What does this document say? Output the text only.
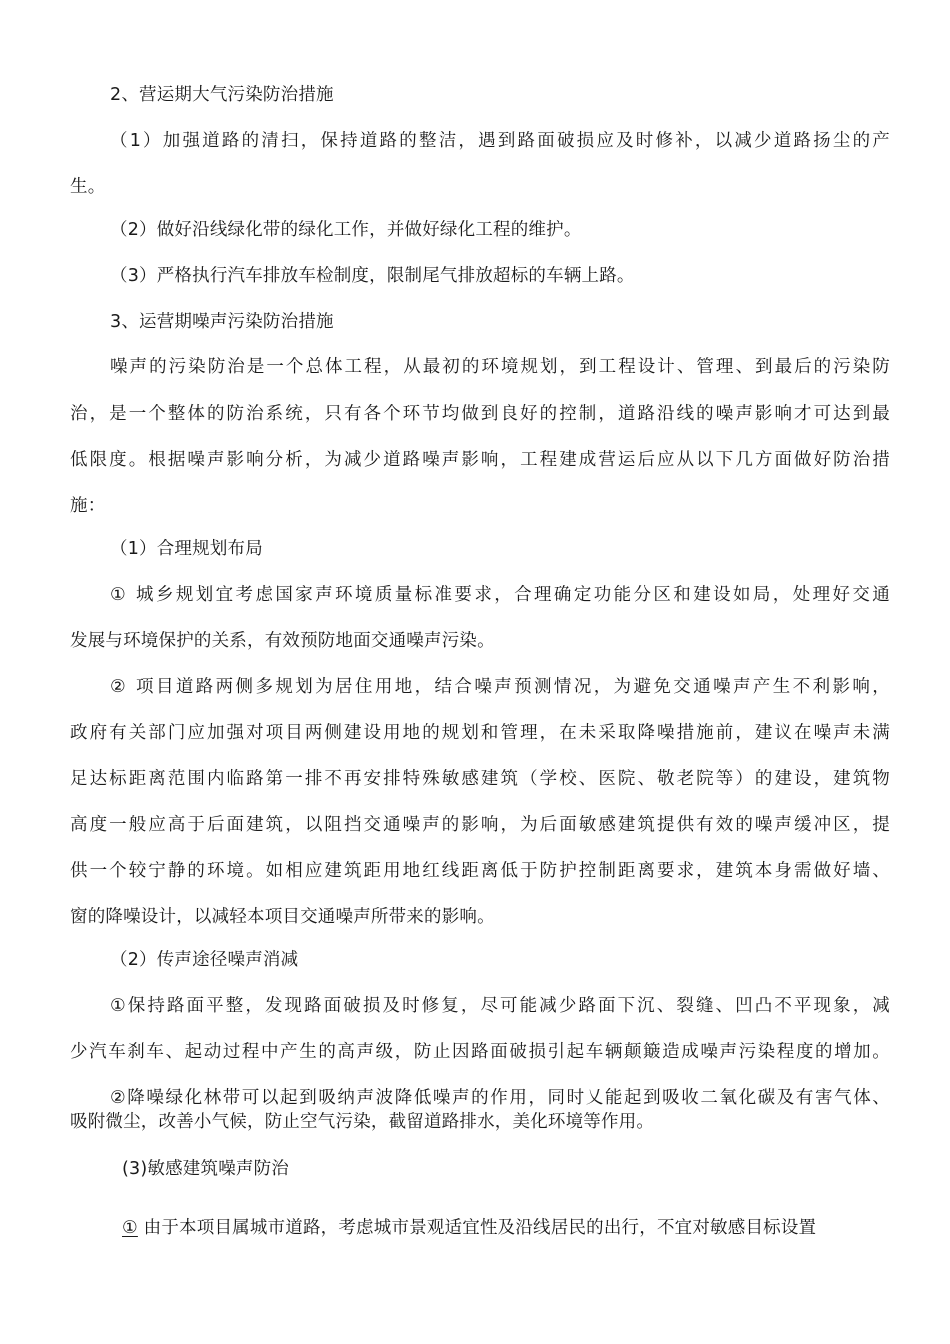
2、营运期大气污染防治措施
（1）加强道路的清扫，保持道路的整洁，遇到路面破损应及时修补，以减少道路扬尘的产
生。
（2）做好沿线绿化带的绿化工作，并做好绿化工程的维护。
（3）严格执行汽车排放车检制度，限制尾气排放超标的车辆上路。
3、运营期噪声污染防治措施
噪声的污染防治是一个总体工程，从最初的环境规划，到工程设计、管理、到最后的污染防
治，是一个整体的防治系统，只有各个环节均做到良好的控制，道路沿线的噪声影响才可达到最
低限度。根据噪声影响分析，为减少道路噪声影响，工程建成营运后应从以下几方面做好防治措
施：
（1）合理规划布局
① 城乡规划宜考虑国家声环境质量标准要求，合理确定功能分区和建设如局，处理好交通
发展与环境保护的关系，有效预防地面交通噪声污染。
② 项目道路两侧多规划为居住用地，结合噪声预测情况，为避免交通噪声产生不利影响，
政府有关部门应加强对项目两侧建设用地的规划和管理，在未采取降噪措施前，建议在噪声未满
足达标距离范围内临路第一排不再安排特殊敏感建筑（学校、医院、敬老院等）的建设，建筑物
高度一般应高于后面建筑，以阻挡交通噪声的影响，为后面敏感建筑提供有效的噪声缓冲区，提
供一个较宁静的环境。如相应建筑距用地红线距离低于防护控制距离要求，建筑本身需做好墙、
窗的降噪设计，以减轻本项目交通噪声所带来的影响。
（2）传声途径噪声消减
①保持路面平整，发现路面破损及时修复，尽可能减少路面下沉、裂缝、凹凸不平现象，减
少汽车刹车、起动过程中产生的高声级，防止因路面破损引起车辆颠簸造成噪声污染程度的增加。
②降噪绿化林带可以起到吸纳声波降低噪声的作用，同时乂能起到吸收二氧化碳及有害气体、
吸附微尘，改善小气候，防止空气污染，截留道路排水，美化环境等作用。
(3)敏感建筑噪声防治
① 由于本项目属城市道路，考虑城市景观适宜性及沿线居民的出行，不宜对敏感目标设置
